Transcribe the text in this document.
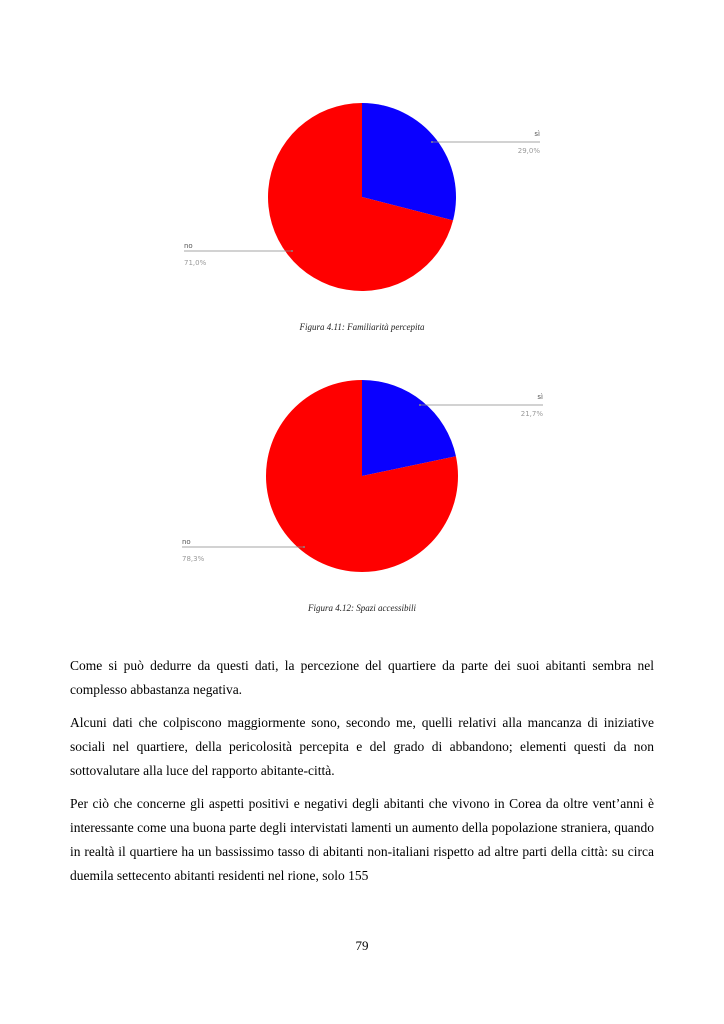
sì
29,0%
no
71,0%
Figura 4.11: Familiarità percepita
sì
21,7%
no
78,3%
Figura 4.12: Spazi accessibili

Come si può dedurre da questi dati, la percezione del quartiere da parte dei suoi abitanti sembra nel complesso abbastanza negativa.

Alcuni dati che colpiscono maggiormente sono, secondo me, quelli relativi alla mancanza di iniziative sociali nel quartiere, della pericolosità percepita e del grado di abbandono; elementi questi da non sottovalutare alla luce del rapporto abitante-città.

Per ciò che concerne gli aspetti positivi e negativi degli abitanti che vivono in Corea da oltre vent’anni è interessante come una buona parte degli intervistati lamenti un aumento della popolazione straniera, quando in realtà il quartiere ha un bassissimo tasso di abitanti non-italiani rispetto ad altre parti della città: su circa duemila settecento abitanti residenti nel rione, solo 155

79
